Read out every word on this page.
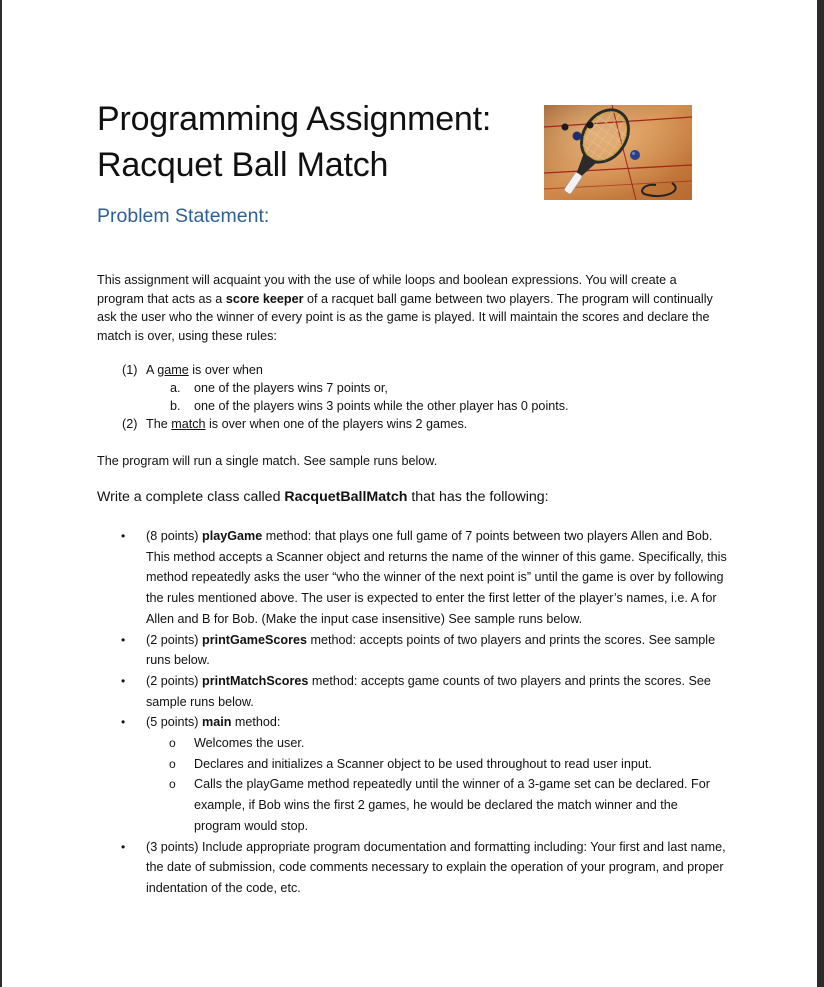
Programming Assignment:
Racquet Ball Match
Problem Statement:

This assignment will acquaint you with the use of while loops and boolean expressions. You will create a program that acts as a score keeper of a racquet ball game between two players. The program will continually ask the user who the winner of every point is as the game is played. It will maintain the scores and declare the match is over, using these rules:

(1) A game is over when
a. one of the players wins 7 points or,
b. one of the players wins 3 points while the other player has 0 points.
(2) The match is over when one of the players wins 2 games.

The program will run a single match. See sample runs below.

Write a complete class called RacquetBallMatch that has the following:

• (8 points) playGame method: that plays one full game of 7 points between two players Allen and Bob. This method accepts a Scanner object and returns the name of the winner of this game. Specifically, this method repeatedly asks the user “who the winner of the next point is” until the game is over by following the rules mentioned above. The user is expected to enter the first letter of the player’s names, i.e. A for Allen and B for Bob. (Make the input case insensitive) See sample runs below.
• (2 points) printGameScores method: accepts points of two players and prints the scores. See sample runs below.
• (2 points) printMatchScores method: accepts game counts of two players and prints the scores. See sample runs below.
• (5 points) main method:
o Welcomes the user.
o Declares and initializes a Scanner object to be used throughout to read user input.
o Calls the playGame method repeatedly until the winner of a 3-game set can be declared. For example, if Bob wins the first 2 games, he would be declared the match winner and the program would stop.
• (3 points) Include appropriate program documentation and formatting including: Your first and last name, the date of submission, code comments necessary to explain the operation of your program, and proper indentation of the code, etc.
